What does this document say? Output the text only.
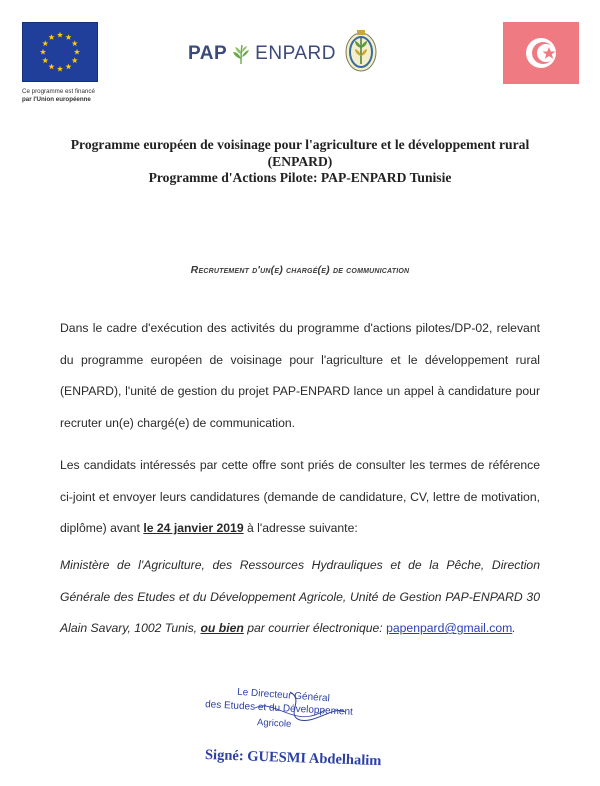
Ce programme est financé
par l'Union européenne
PAP ENPARD
Programme européen de voisinage pour l'agriculture et le développement rural
(ENPARD)
Programme d'Actions Pilote: PAP-ENPARD Tunisie
Recrutement d'un(e) chargé(e) de communication
Dans le cadre d'exécution des activités du programme d'actions pilotes/DP-02, relevant du programme européen de voisinage pour l'agriculture et le développement rural (ENPARD), l'unité de gestion du projet PAP-ENPARD lance un appel à candidature pour recruter un(e) chargé(e) de communication.
Les candidats intéressés par cette offre sont priés de consulter les termes de référence ci-joint et envoyer leurs candidatures (demande de candidature, CV, lettre de motivation, diplôme) avant le 24 janvier 2019 à l'adresse suivante:
Ministère de l'Agriculture, des Ressources Hydrauliques et de la Pêche, Direction Générale des Etudes et du Développement Agricole, Unité de Gestion PAP-ENPARD 30 Alain Savary, 1002 Tunis, ou bien par courrier électronique: papenpard@gmail.com.
Le Directeur Général
des Etudes et du Développement
Agricole
Signé: GUESMI Abdelhalim
